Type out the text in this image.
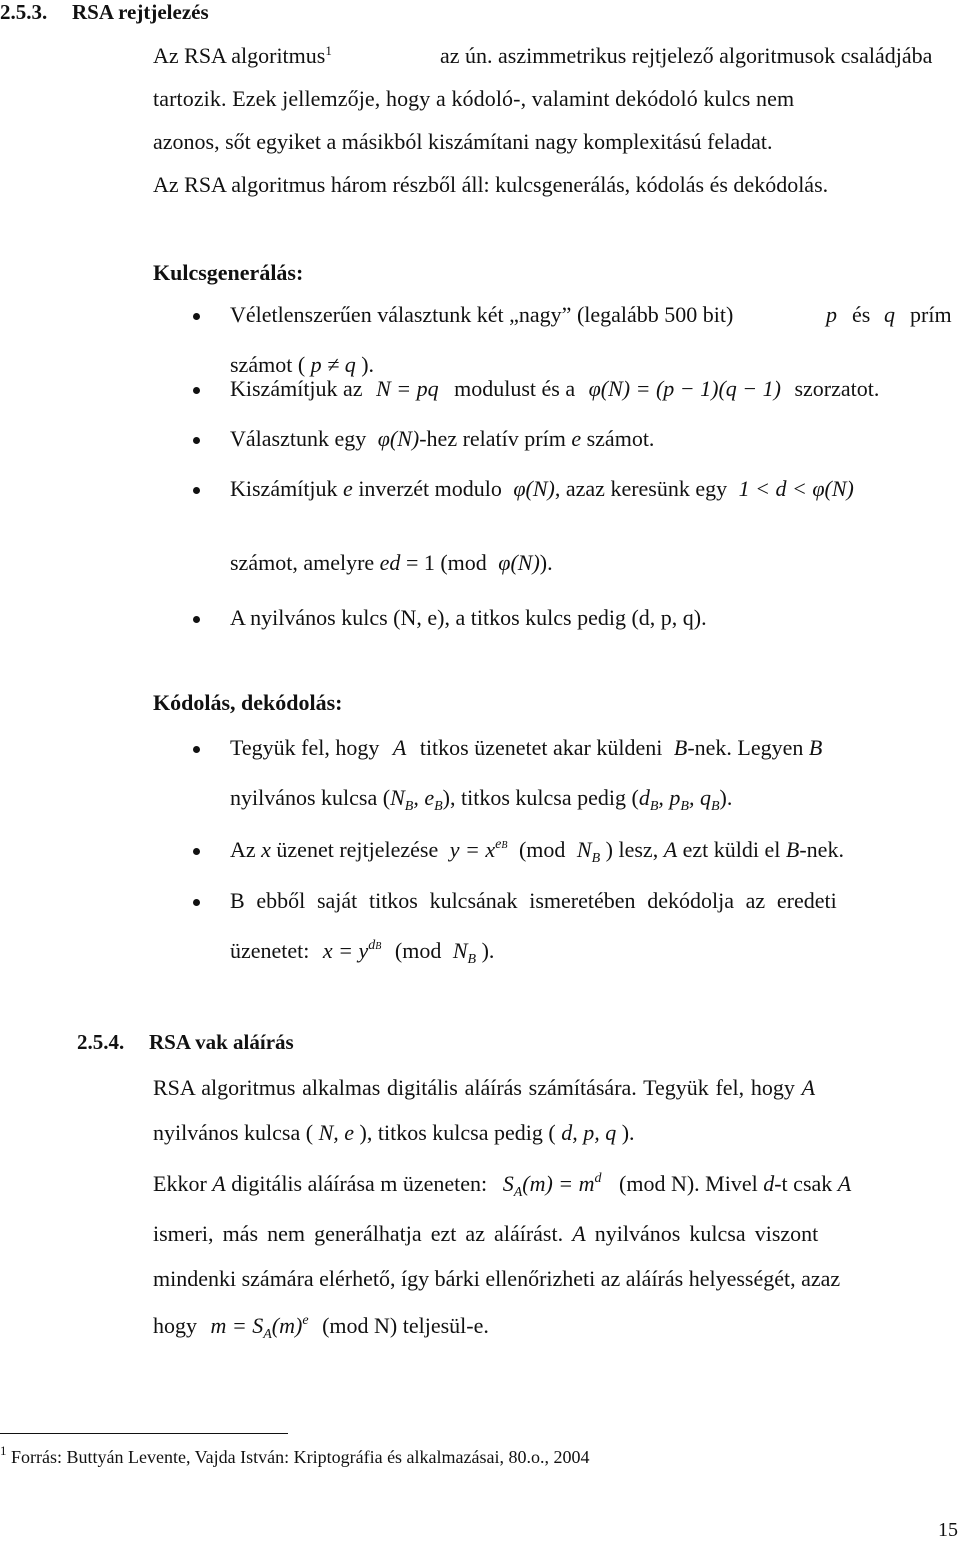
2.5.3. RSA rejtjelezés
Az RSA algoritmus$^1$	az ún. aszimmetrikus rejtjelező algoritmusok családjába
tartozik. Ezek jellemzője, hogy a kódoló-, valamint dekódoló kulcs nem
azonos, sőt egyiket a másikból kiszámítani nagy komplexitású feladat.
Az RSA algoritmus három részből áll: kulcsgenerálás, kódolás és dekódolás.
Kulcsgenerálás:
Véletlenszerűen választunk két „nagy” (legalább 500 bit)	p és q prím
számot ( p ≠ q ).
Kiszámítjuk az N = pq modulust és a φ(N) = (p − 1)(q − 1) szorzatot.
Választunk egy φ(N)-hez relatív prím e számot.
Kiszámítjuk e inverzét modulo φ(N), azaz keresünk egy 1 < d < φ(N)
számot, amelyre ed = 1 (mod φ(N)).
A nyilvános kulcs (N, e), a titkos kulcs pedig (d, p, q).
Kódolás, dekódolás:
Tegyük fel, hogy A titkos üzenetet akar küldeni B-nek. Legyen B
nyilvános kulcsa ($N_B$, $e_B$), titkos kulcsa pedig ($d_B$, $p_B$, $q_B$).
Az x üzenet rejtjelezése $y = x^{eB}$ (mod $N_B$ ) lesz, A ezt küldi el B-nek.
B ebből saját titkos kulcsának ismeretében dekódolja az eredeti
üzenetet: $x = y^{dB}$ (mod $N_B$ ).
2.5.4. RSA vak aláírás
RSA algoritmus alkalmas digitális aláírás számítására. Tegyük fel, hogy A
nyilvános kulcsa ( N, e ), titkos kulcsa pedig ( d, p, q ).
Ekkor A digitális aláírása m üzeneten: $S_A(m) = m^d$ (mod N). Mivel d-t csak A
ismeri, más nem generálhatja ezt az aláírást. A nyilvános kulcsa viszont
mindenki számára elérhető, így bárki ellenőrizheti az aláírás helyességét, azaz
hogy $m = S_A(m)^e$ (mod N) teljesül-e.
$^1$ Forrás: Buttyán Levente, Vajda István: Kriptográfia és alkalmazásai, 80.o., 2004
15
